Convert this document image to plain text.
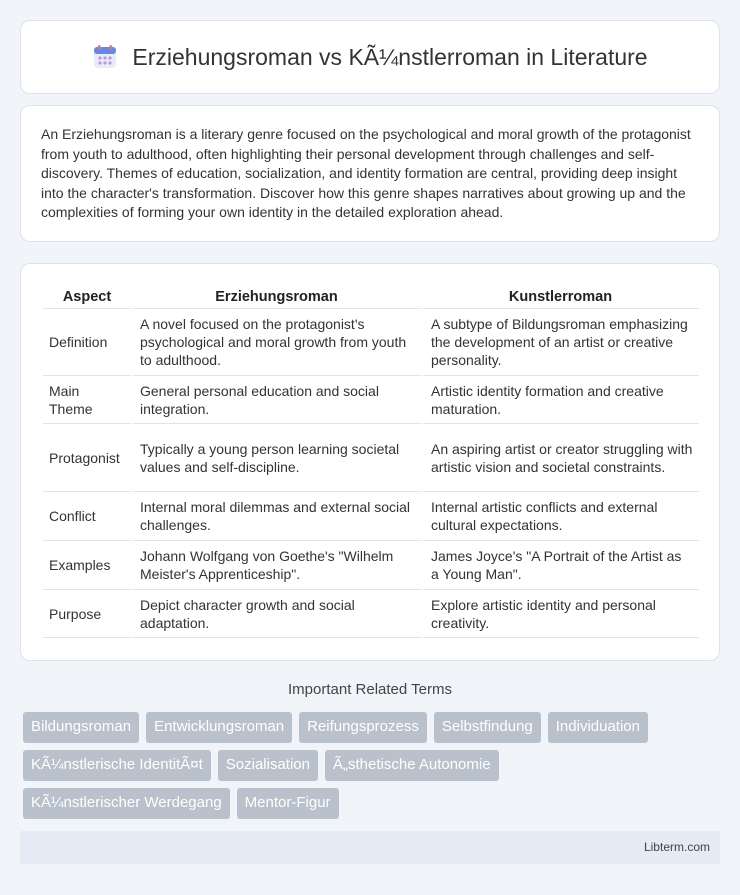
Erziehungsroman vs KÃ¼nstlerroman in Literature

An Erziehungsroman is a literary genre focused on the psychological and moral growth of the protagonist from youth to adulthood, often highlighting their personal development through challenges and self-discovery. Themes of education, socialization, and identity formation are central, providing deep insight into the character's transformation. Discover how this genre shapes narratives about growing up and the complexities of forming your own identity in the detailed exploration ahead.

Aspect	Erziehungsroman	Kunstlerroman
Definition	A novel focused on the protagonist's psychological and moral growth from youth to adulthood.	A subtype of Bildungsroman emphasizing the development of an artist or creative personality.
Main Theme	General personal education and social integration.	Artistic identity formation and creative maturation.
Protagonist	Typically a young person learning societal values and self-discipline.	An aspiring artist or creator struggling with artistic vision and societal constraints.
Conflict	Internal moral dilemmas and external social challenges.	Internal artistic conflicts and external cultural expectations.
Examples	Johann Wolfgang von Goethe's "Wilhelm Meister's Apprenticeship".	James Joyce's "A Portrait of the Artist as a Young Man".
Purpose	Depict character growth and social adaptation.	Explore artistic identity and personal creativity.
Important Related Terms
Bildungsroman	Entwicklungsroman	Reifungsprozess	Selbstfindung	Individuation
KÃ¼nstlerische IdentitÃ¤t	Sozialisation	Ã„sthetische Autonomie
KÃ¼nstlerischer Werdegang	Mentor-Figur
Libterm.com
